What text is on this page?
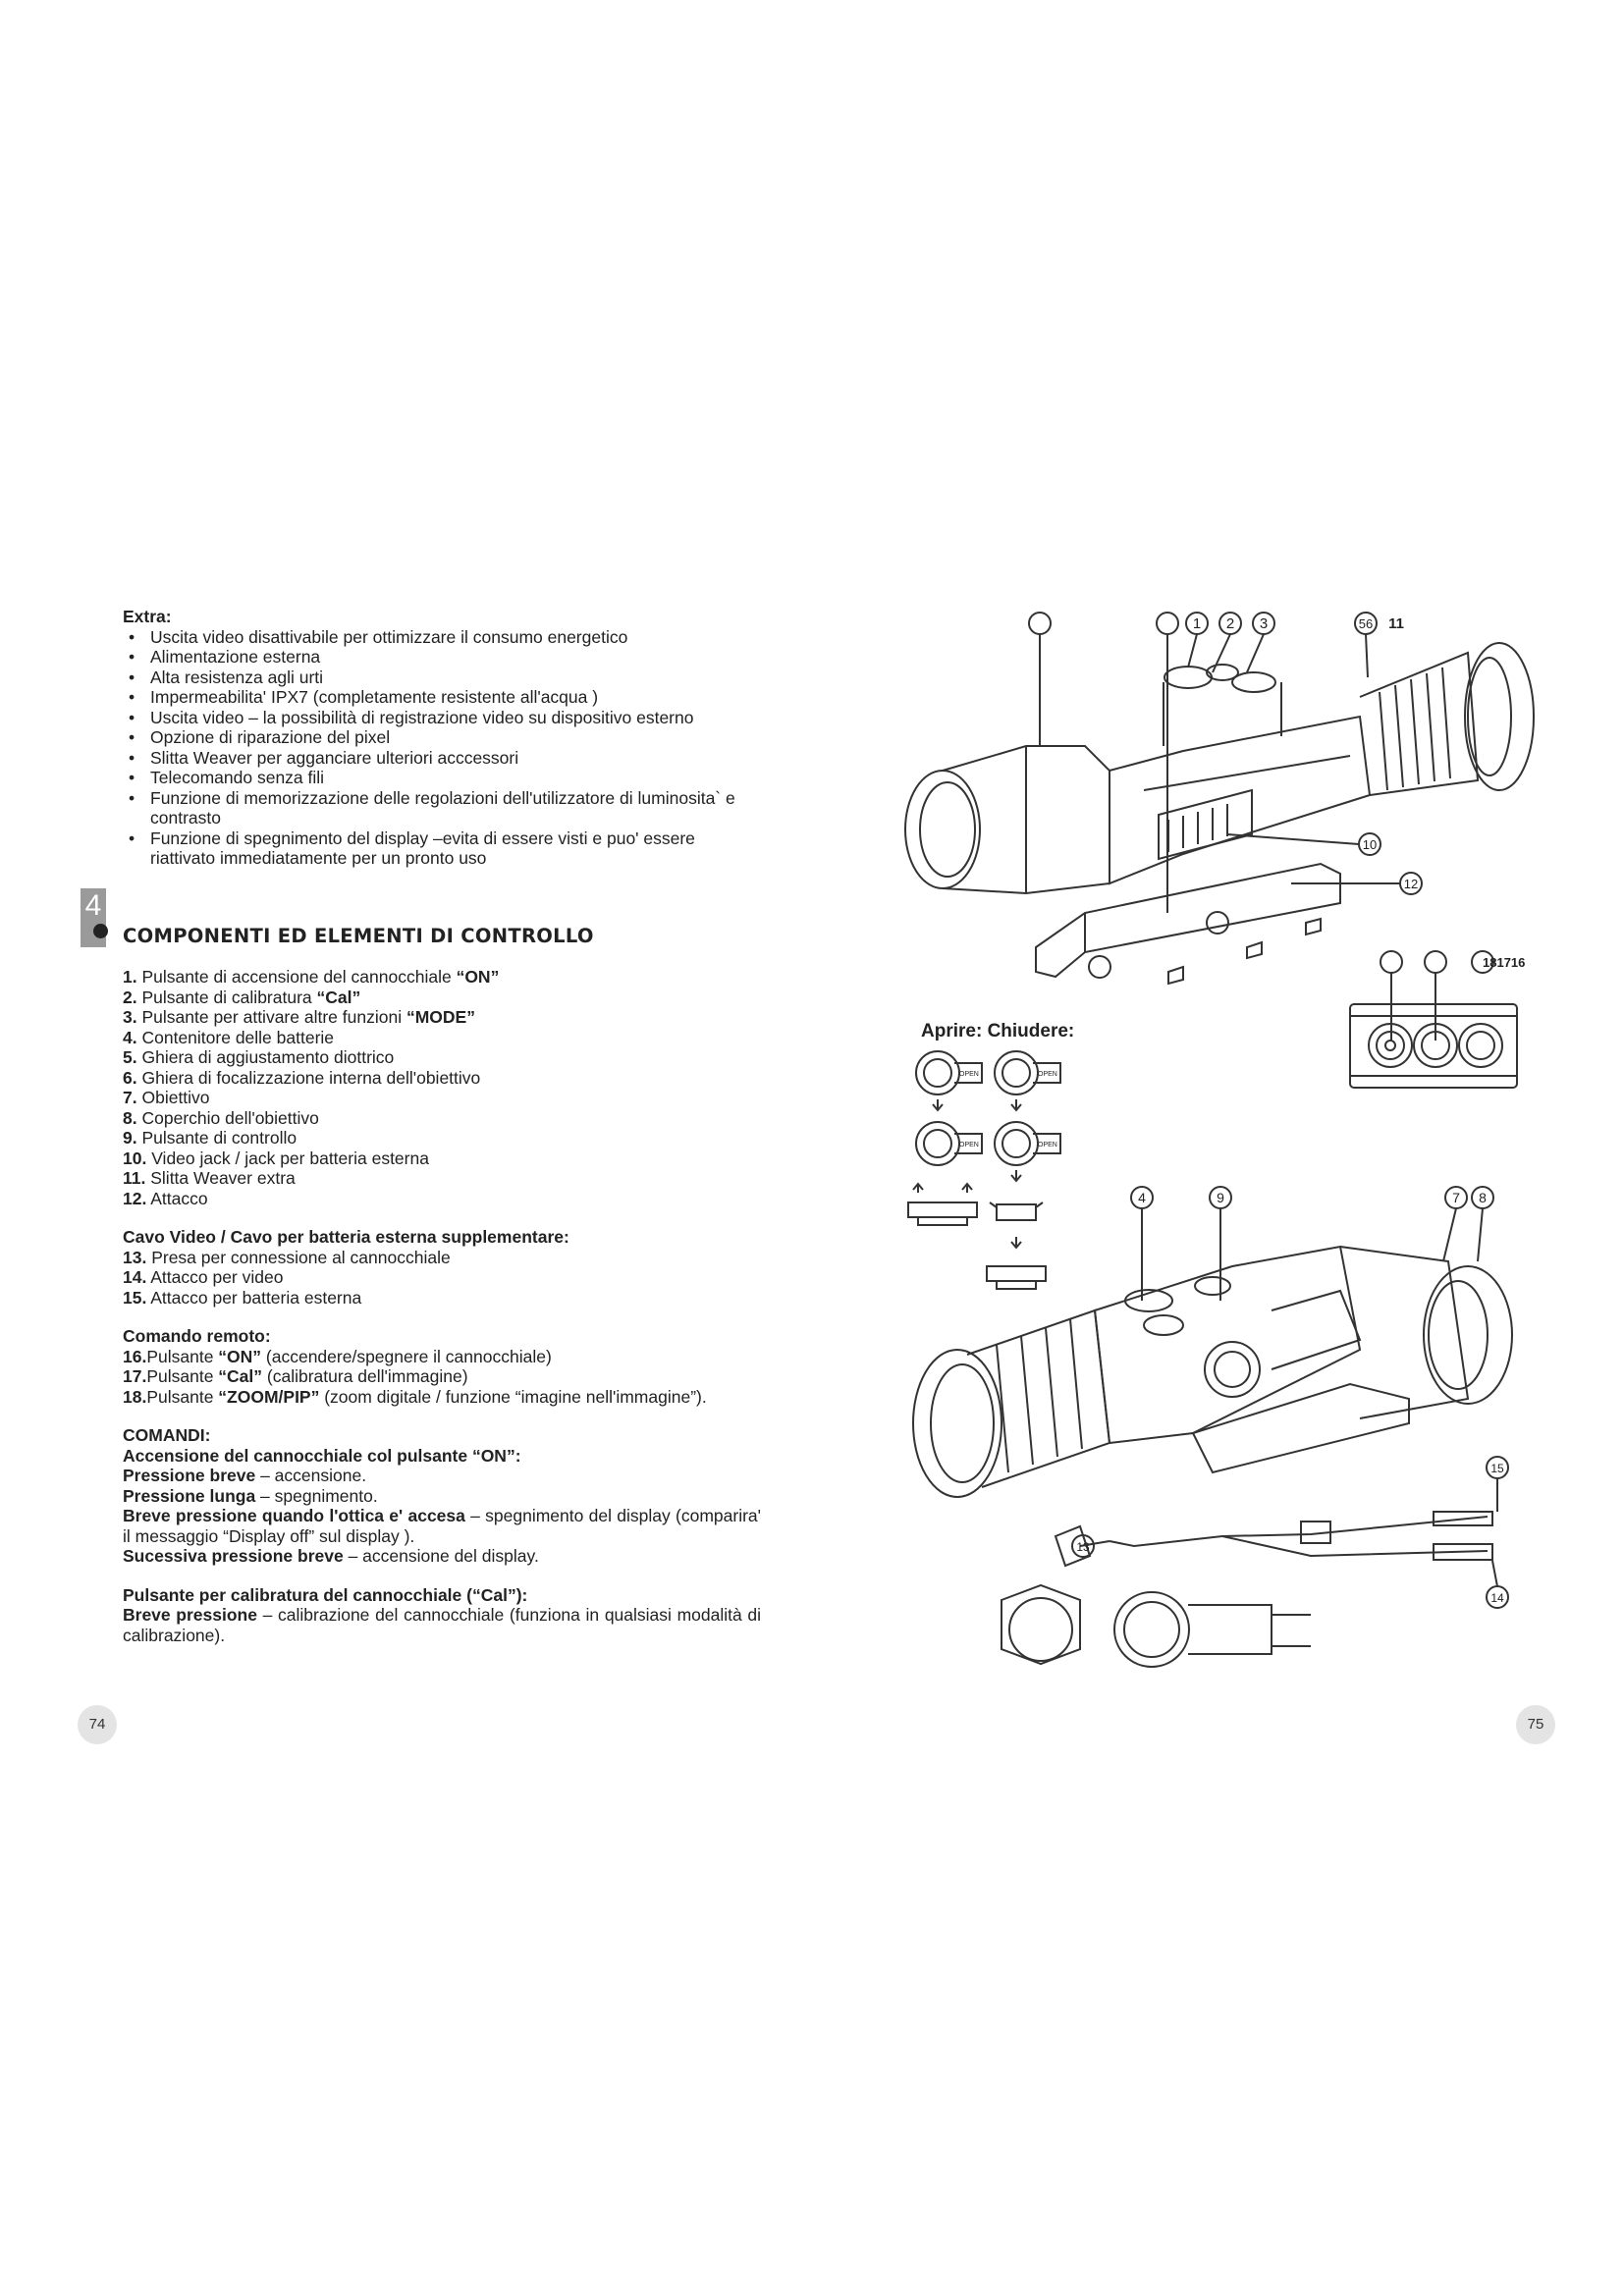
Extra:

• Uscita video disattivabile per ottimizzare il consumo energetico
• Alimentazione esterna
• Alta resistenza agli urti
• Impermeabilita' IPX7 (completamente resistente all'acqua )
• Uscita video – la possibilità di registrazione video su dispositivo esterno
• Opzione di riparazione del pixel
• Slitta Weaver per agganciare ulteriori acccessori
• Telecomando senza fili
• Funzione di memorizzazione delle regolazioni dell'utilizzatore di luminosita` e contrasto
• Funzione di spegnimento del display –evita di essere visti e puo' essere riattivato immediatamente per un pronto uso
4
COMPONENTI ED ELEMENTI DI CONTROLLO

1. Pulsante di accensione del cannocchiale “ON”

2. Pulsante di calibratura “Cal”

3. Pulsante per attivare altre funzioni “MODE”

4. Contenitore delle batterie

5. Ghiera di aggiustamento diottrico

6. Ghiera di focalizzazione interna dell'obiettivo

7. Obiettivo

8. Coperchio dell'obiettivo

9. Pulsante di controllo

10. Video jack / jack per batteria esterna

11. Slitta Weaver extra

12. Attacco

Cavo Video / Cavo per batteria esterna supplementare:

13. Presa per connessione al cannocchiale

14. Attacco per video

15. Attacco per batteria esterna

Comando remoto:

16.Pulsante “ON” (accendere/spegnere il cannocchiale)

17.Pulsante “Cal” (calibratura dell'immagine)

18.Pulsante “ZOOM/PIP” (zoom digitale / funzione “imagine nell'immagine”).

COMANDI:

Accensione del cannocchiale col pulsante “ON”:

Pressione breve – accensione.

Pressione lunga – spegnimento.

Breve pressione quando l'ottica e' accesa – spegnimento del display (comparira' il messaggio “Display off” sul display ).

Sucessiva pressione breve – accensione del display.

Pulsante per calibratura del cannocchiale (“Cal”):

Breve pressione – calibrazione del cannocchiale (funziona in qualsiasi modalità di calibrazione).

74	75
1 2 3	56 11
10
12
181716
Aprire: Chiudere:
OPEN	OPEN
OPEN	OPEN
4	9	7 8
13
15
14
